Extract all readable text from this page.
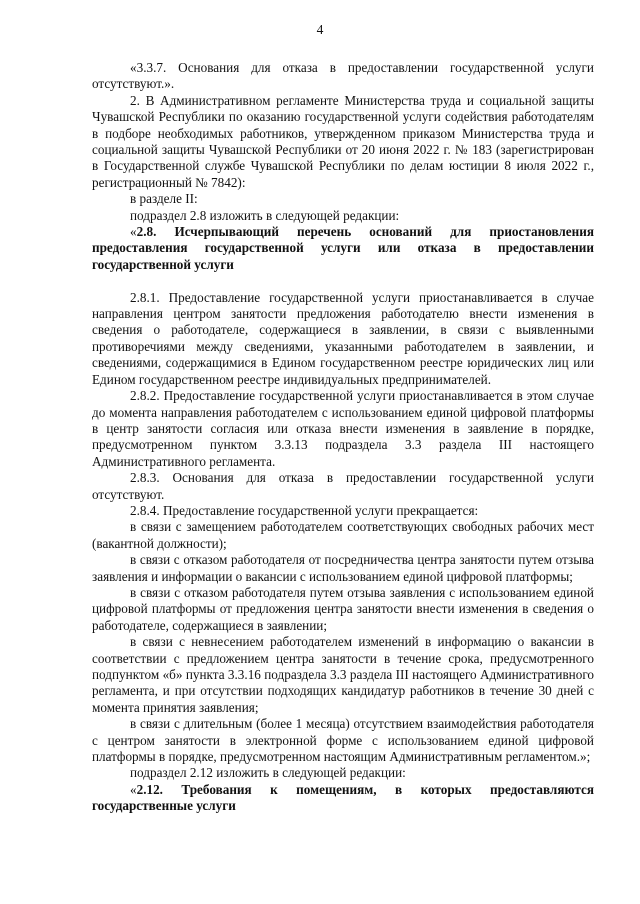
4

«3.3.7. Основания для отказа в предоставлении государственной услуги отсутствуют.».

2. В Административном регламенте Министерства труда и социальной защиты Чувашской Республики по оказанию государственной услуги содействия работодателям в подборе необходимых работников, утвержденном приказом Министерства труда и социальной защиты Чувашской Республики от 20 июня 2022 г. № 183 (зарегистрирован в Государственной службе Чувашской Республики по делам юстиции 8 июля 2022 г., регистрационный № 7842):

в разделе II:

подраздел 2.8 изложить в следующей редакции:

«2.8. Исчерпывающий перечень оснований для приостановления предоставления государственной услуги или отказа в предоставлении государственной услуги

2.8.1. Предоставление государственной услуги приостанавливается в случае направления центром занятости предложения работодателю внести изменения в сведения о работодателе, содержащиеся в заявлении, в связи с выявленными противоречиями между сведениями, указанными работодателем в заявлении, и сведениями, содержащимися в Едином государственном реестре юридических лиц или Едином государственном реестре индивидуальных предпринимателей.

2.8.2. Предоставление государственной услуги приостанавливается в этом случае до момента направления работодателем с использованием единой цифровой платформы в центр занятости согласия или отказа внести изменения в заявление в порядке, предусмотренном пунктом 3.3.13 подраздела 3.3 раздела III настоящего Административного регламента.

2.8.3. Основания для отказа в предоставлении государственной услуги отсутствуют.

2.8.4. Предоставление государственной услуги прекращается:

в связи с замещением работодателем соответствующих свободных рабочих мест (вакантной должности);

в связи с отказом работодателя от посредничества центра занятости путем отзыва заявления и информации о вакансии с использованием единой цифровой платформы;

в связи с отказом работодателя путем отзыва заявления с использованием единой цифровой платформы от предложения центра занятости внести изменения в сведения о работодателе, содержащиеся в заявлении;

в связи с невнесением работодателем изменений в информацию о вакансии в соответствии с предложением центра занятости в течение срока, предусмотренного подпунктом «б» пункта 3.3.16 подраздела 3.3 раздела III настоящего Административного регламента, и при отсутствии подходящих кандидатур работников в течение 30 дней с момента принятия заявления;

в связи с длительным (более 1 месяца) отсутствием взаимодействия работодателя с центром занятости в электронной форме с использованием единой цифровой платформы в порядке, предусмотренном настоящим Административным регламентом.»;

подраздел 2.12 изложить в следующей редакции:

«2.12. Требования к помещениям, в которых предоставляются государственные услуги
